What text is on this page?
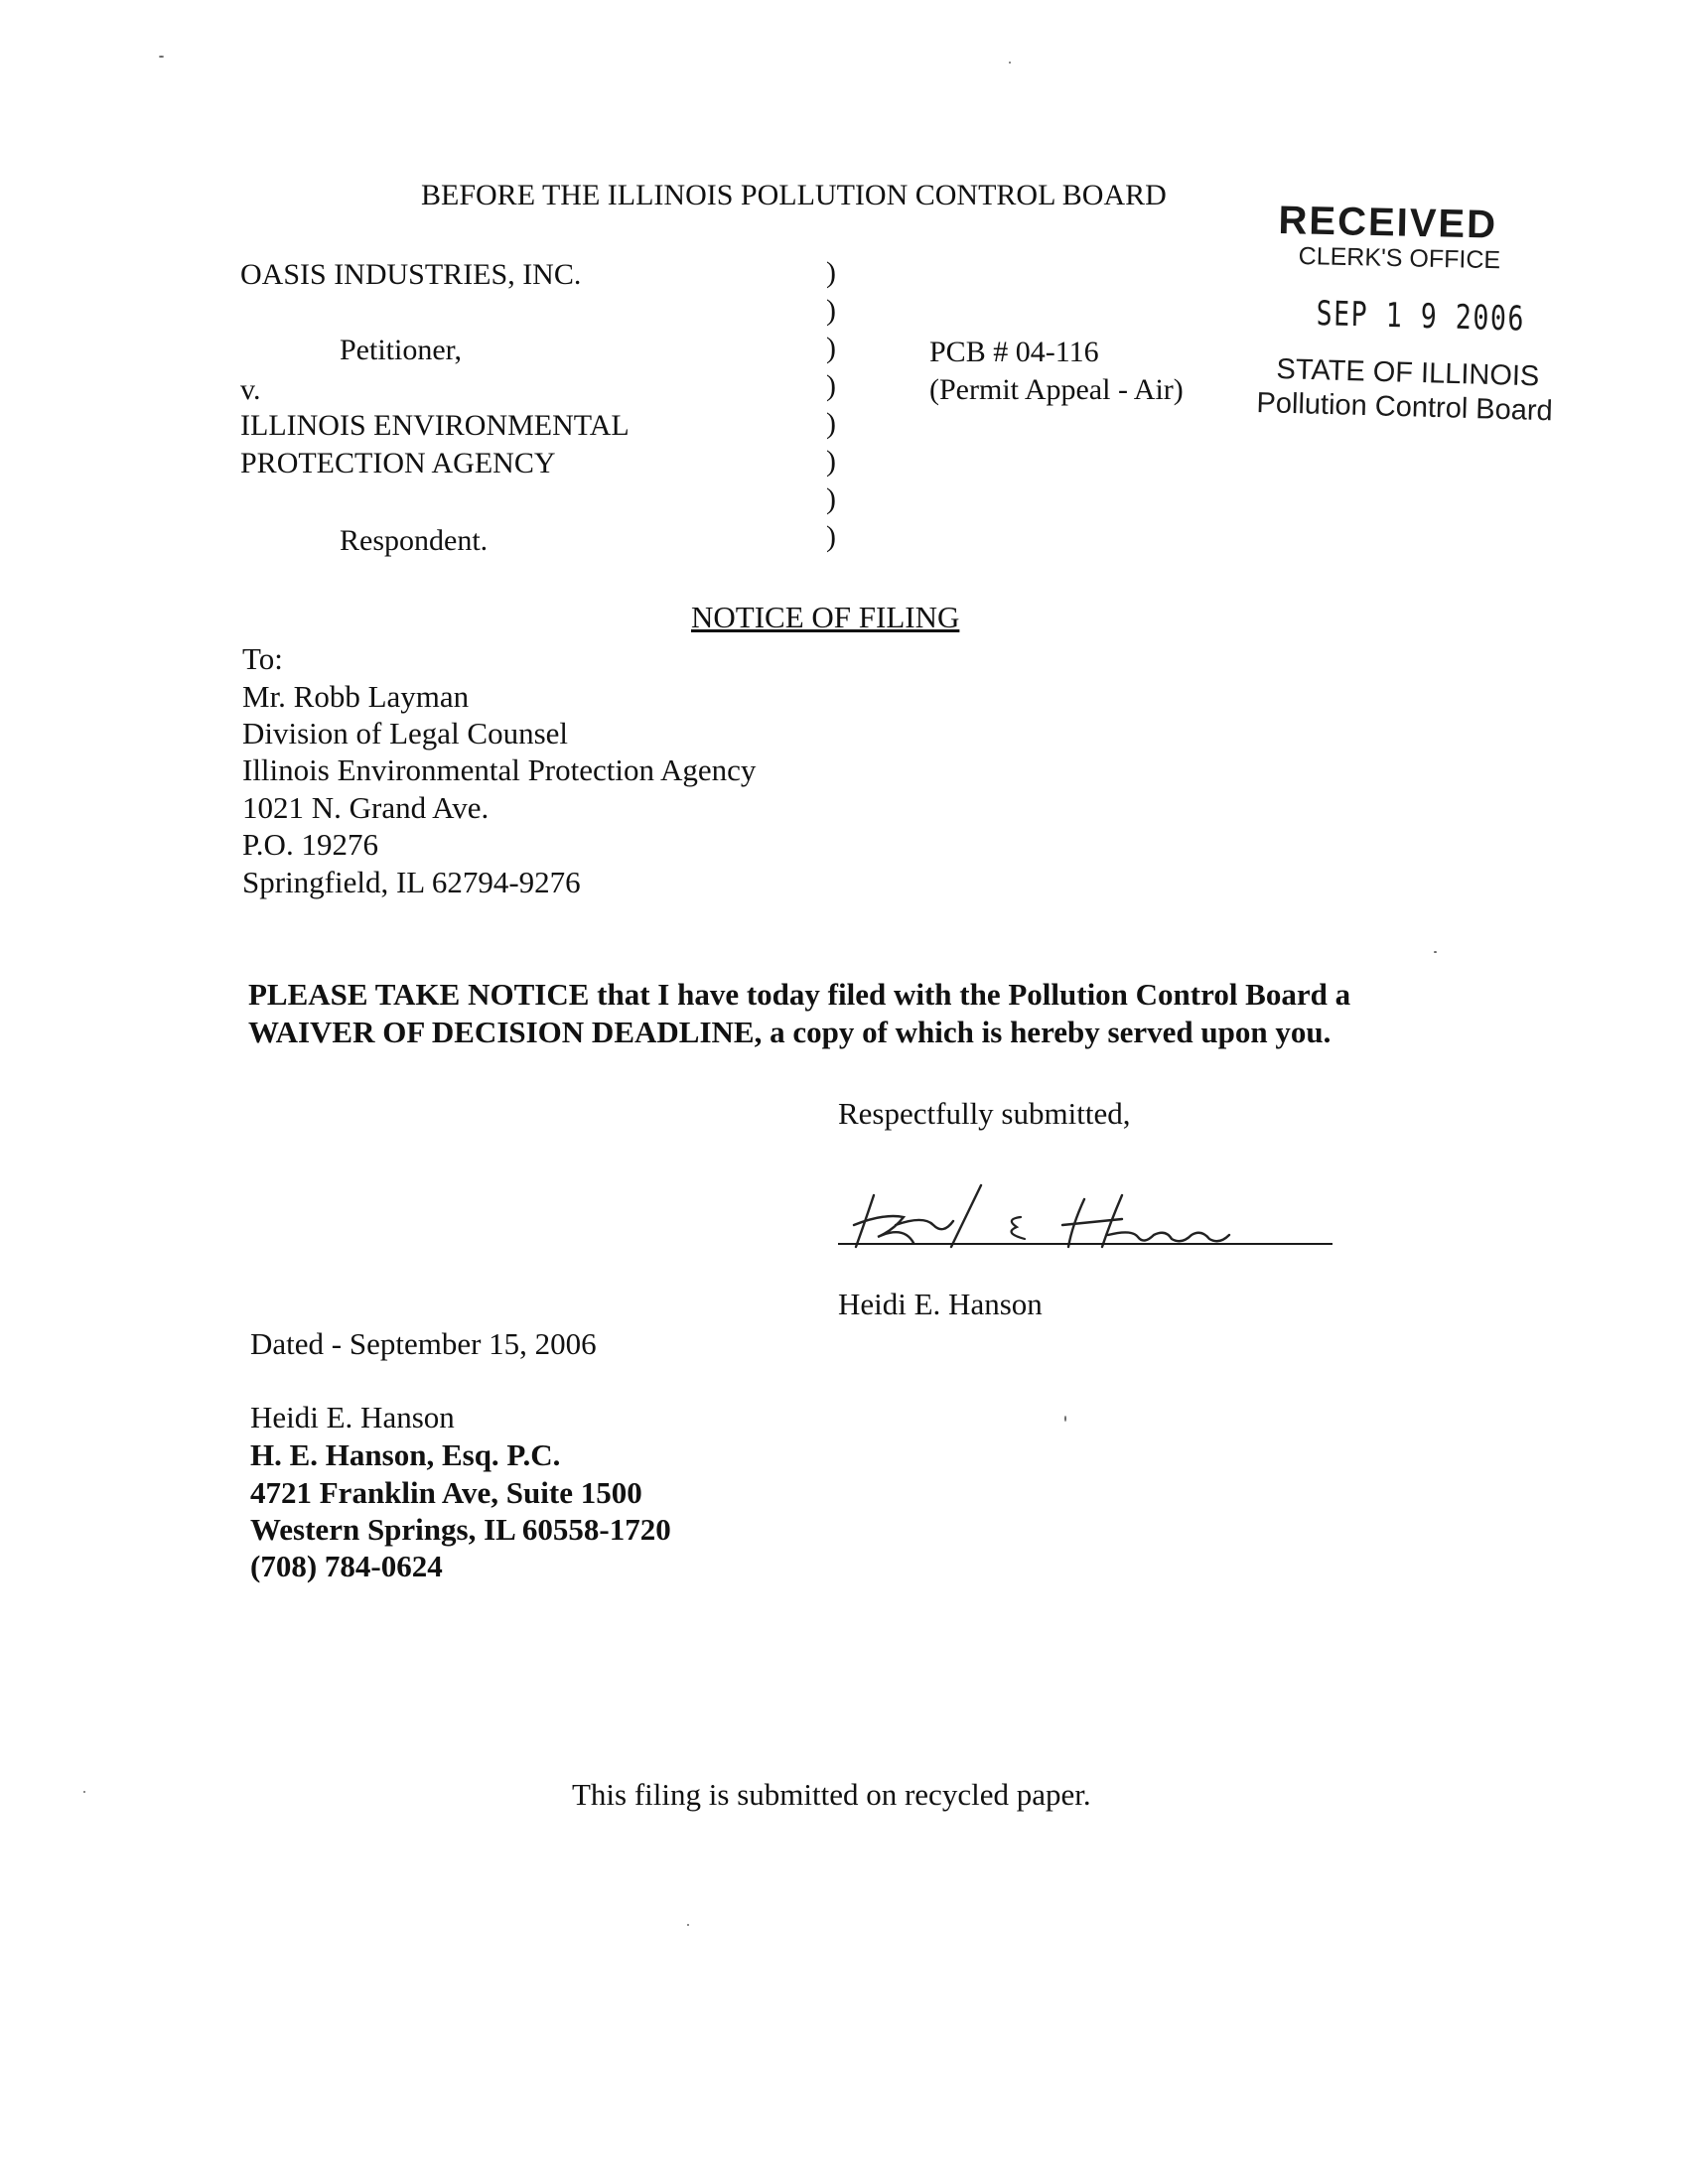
BEFORE THE ILLINOIS POLLUTION CONTROL BOARD
OASIS INDUSTRIES, INC.
Petitioner,
v.
ILLINOIS ENVIRONMENTAL
PROTECTION AGENCY
Respondent.
)
)
)
)
)
)
)
)
PCB # 04-116
(Permit Appeal - Air)
RECEIVED
CLERK'S OFFICE
SEP 1 9 2006
STATE OF ILLINOIS
Pollution Control Board
NOTICE OF FILING
To:
Mr. Robb Layman
Division of Legal Counsel
Illinois Environmental Protection Agency
1021 N. Grand Ave.
P.O. 19276
Springfield, IL 62794-9276
PLEASE TAKE NOTICE that I have today filed with the Pollution Control Board a
WAIVER OF DECISION DEADLINE, a copy of which is hereby served upon you.
Respectfully submitted,
Heidi E. Hanson
Dated - September 15, 2006
Heidi E. Hanson
H. E. Hanson, Esq. P.C.
4721 Franklin Ave, Suite 1500
Western Springs, IL 60558-1720
(708) 784-0624
This filing is submitted on recycled paper.
